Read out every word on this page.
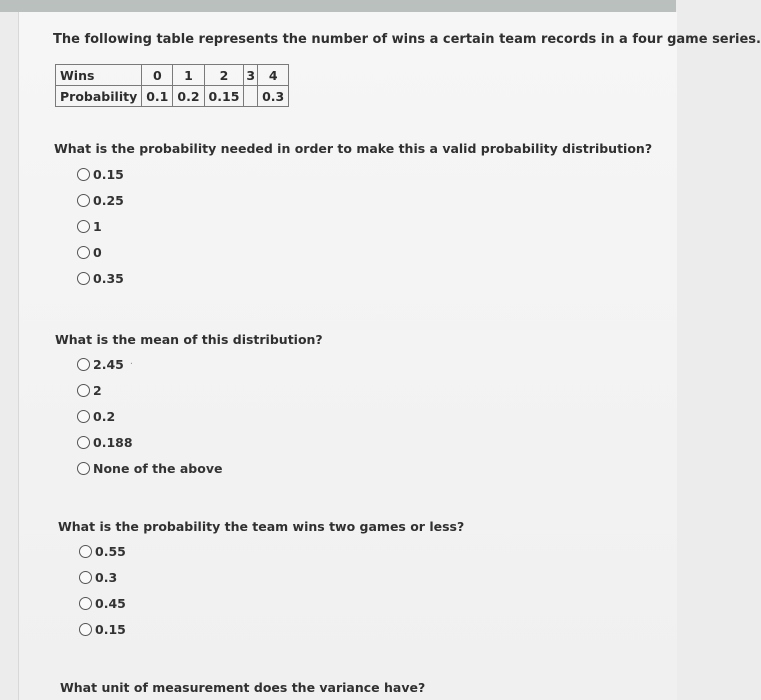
The following table represents the number of wins a certain team records in a four game series.
Wins	0	1	2	3	4
Probability	0.1	0.2	0.15		0.3
What is the probability needed in order to make this a valid probability distribution?
0.15
0.25
1
0
0.35
What is the mean of this distribution?
2.45 ·
2
0.2
0.188
None of the above
What is the probability the team wins two games or less?
0.55
0.3
0.45
0.15
What unit of measurement does the variance have?
